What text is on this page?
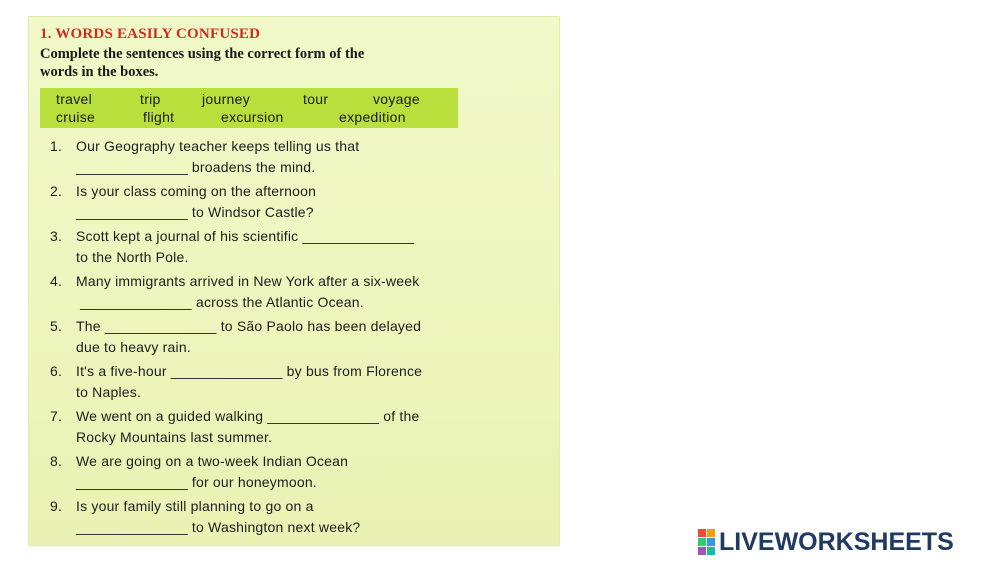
1. WORDS EASILY CONFUSED
Complete the sentences using the correct form of the
words in the boxes.
travel	trip	journey	tour	voyage
cruise	flight	excursion	expedition
1. Our Geography teacher keeps telling us that
______________ broadens the mind.
2. Is your class coming on the afternoon
______________ to Windsor Castle?
3. Scott kept a journal of his scientific ______________
to the North Pole.
4. Many immigrants arrived in New York after a six-week
______________ across the Atlantic Ocean.
5. The ______________ to São Paolo has been delayed
due to heavy rain.
6. It's a five-hour ______________ by bus from Florence
to Naples.
7. We went on a guided walking ______________ of the
Rocky Mountains last summer.
8. We are going on a two-week Indian Ocean
______________ for our honeymoon.
9. Is your family still planning to go on a
______________ to Washington next week?
LIVEWORKSHEETS
